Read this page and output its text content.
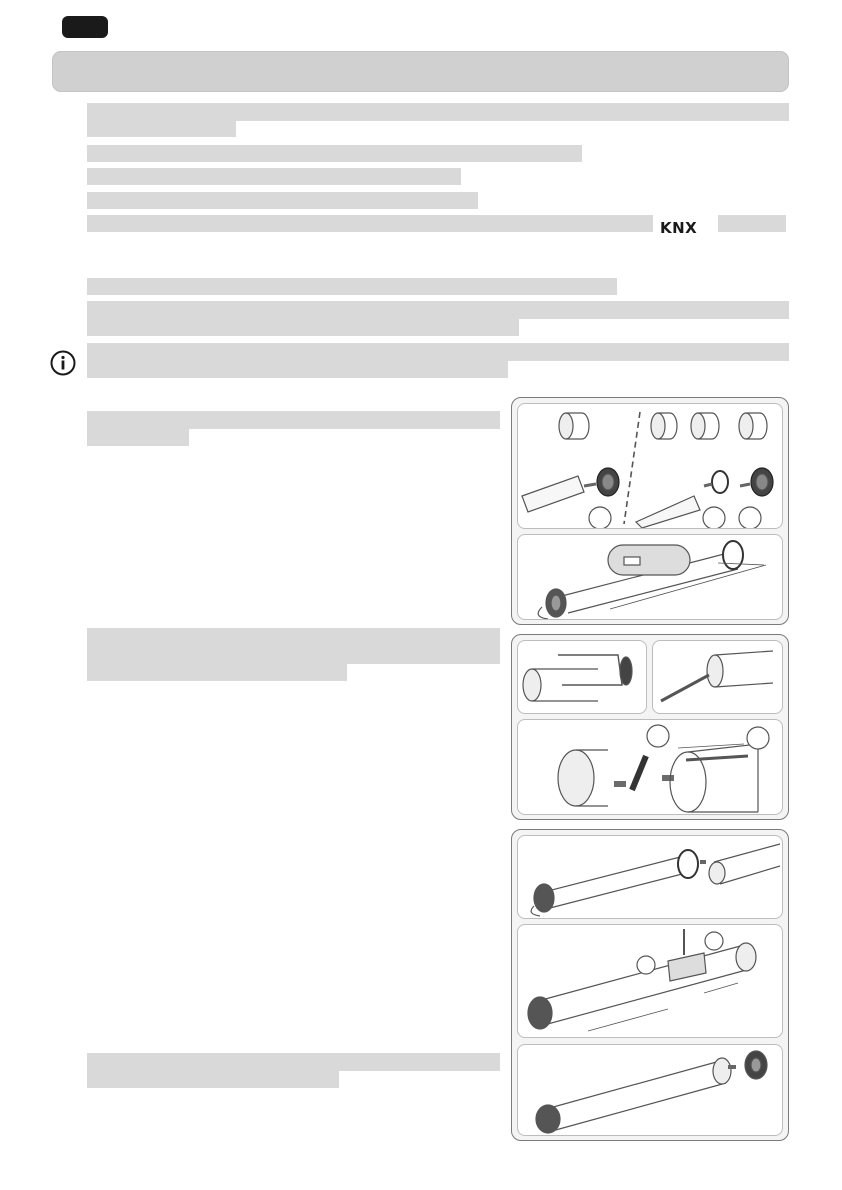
KNX
